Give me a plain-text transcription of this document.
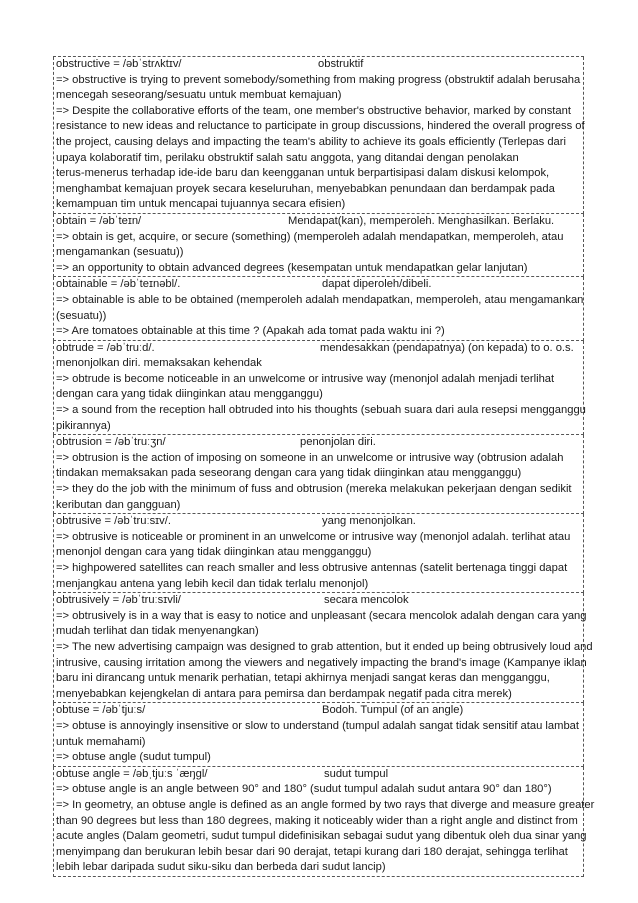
obstructive = /əbˈstrʌktɪv/	obstruktif
=> obstructive is trying to prevent somebody/something from making progress (obstruktif adalah berusaha
mencegah seseorang/sesuatu untuk membuat kemajuan)
=> Despite the collaborative efforts of the team, one member's obstructive behavior, marked by constant
resistance to new ideas and reluctance to participate in group discussions, hindered the overall progress of
the project, causing delays and impacting the team's ability to achieve its goals efficiently (Terlepas dari
upaya kolaboratif tim, perilaku obstruktif salah satu anggota, yang ditandai dengan penolakan
terus-menerus terhadap ide-ide baru dan keengganan untuk berpartisipasi dalam diskusi kelompok,
menghambat kemajuan proyek secara keseluruhan, menyebabkan penundaan dan berdampak pada
kemampuan tim untuk mencapai tujuannya secara efisien)
obtain = /əbˈteɪn/	Mendapat(kan), memperoleh. Menghasilkan. Berlaku.
=> obtain is get, acquire, or secure (something) (memperoleh adalah mendapatkan, memperoleh, atau
mengamankan (sesuatu))
=> an opportunity to obtain advanced degrees (kesempatan untuk mendapatkan gelar lanjutan)
obtainable = /əbˈteɪnəbl/.	dapat diperoleh/dibeli.
=> obtainable is able to be obtained (memperoleh adalah mendapatkan, memperoleh, atau mengamankan
(sesuatu))
=> Are tomatoes obtainable at this time ? (Apakah ada tomat pada waktu ini ?)
obtrude = /əbˈtruːd/.	mendesakkan (pendapatnya) (on kepada) to o. o.s.
menonjolkan diri. memaksakan kehendak
=> obtrude is become noticeable in an unwelcome or intrusive way (menonjol adalah menjadi terlihat
dengan cara yang tidak diinginkan atau mengganggu)
=> a sound from the reception hall obtruded into his thoughts (sebuah suara dari aula resepsi mengganggu
pikirannya)
obtrusion = /əbˈtruːʒn/	penonjolan diri.
=> obtrusion is the action of imposing on someone in an unwelcome or intrusive way (obtrusion adalah
tindakan memaksakan pada seseorang dengan cara yang tidak diinginkan atau mengganggu)
=> they do the job with the minimum of fuss and obtrusion (mereka melakukan pekerjaan dengan sedikit
keributan dan gangguan)
obtrusive = /əbˈtruːsɪv/.	yang menonjolkan.
=> obtrusive is noticeable or prominent in an unwelcome or intrusive way (menonjol adalah. terlihat atau
menonjol dengan cara yang tidak diinginkan atau mengganggu)
=> highpowered satellites can reach smaller and less obtrusive antennas (satelit bertenaga tinggi dapat
menjangkau antena yang lebih kecil dan tidak terlalu menonjol)
obtrusively = /əbˈtruːsɪvli/	secara mencolok
=> obtrusively is in a way that is easy to notice and unpleasant (secara mencolok adalah dengan cara yang
mudah terlihat dan tidak menyenangkan)
=> The new advertising campaign was designed to grab attention, but it ended up being obtrusively loud and
intrusive, causing irritation among the viewers and negatively impacting the brand's image (Kampanye iklan
baru ini dirancang untuk menarik perhatian, tetapi akhirnya menjadi sangat keras dan mengganggu,
menyebabkan kejengkelan di antara para pemirsa dan berdampak negatif pada citra merek)
obtuse = /əbˈtjuːs/	Bodoh. Tumpul (of an angle)
=> obtuse is annoyingly insensitive or slow to understand (tumpul adalah sangat tidak sensitif atau lambat
untuk memahami)
=> obtuse angle (sudut tumpul)
obtuse angle = /əbˌtjuːs ˈæŋɡl/	sudut tumpul
=> obtuse angle is an angle between 90° and 180° (sudut tumpul adalah sudut antara 90° dan 180°)
=> In geometry, an obtuse angle is defined as an angle formed by two rays that diverge and measure greater
than 90 degrees but less than 180 degrees, making it noticeably wider than a right angle and distinct from
acute angles (Dalam geometri, sudut tumpul didefinisikan sebagai sudut yang dibentuk oleh dua sinar yang
menyimpang dan berukuran lebih besar dari 90 derajat, tetapi kurang dari 180 derajat, sehingga terlihat
lebih lebar daripada sudut siku-siku dan berbeda dari sudut lancip)
